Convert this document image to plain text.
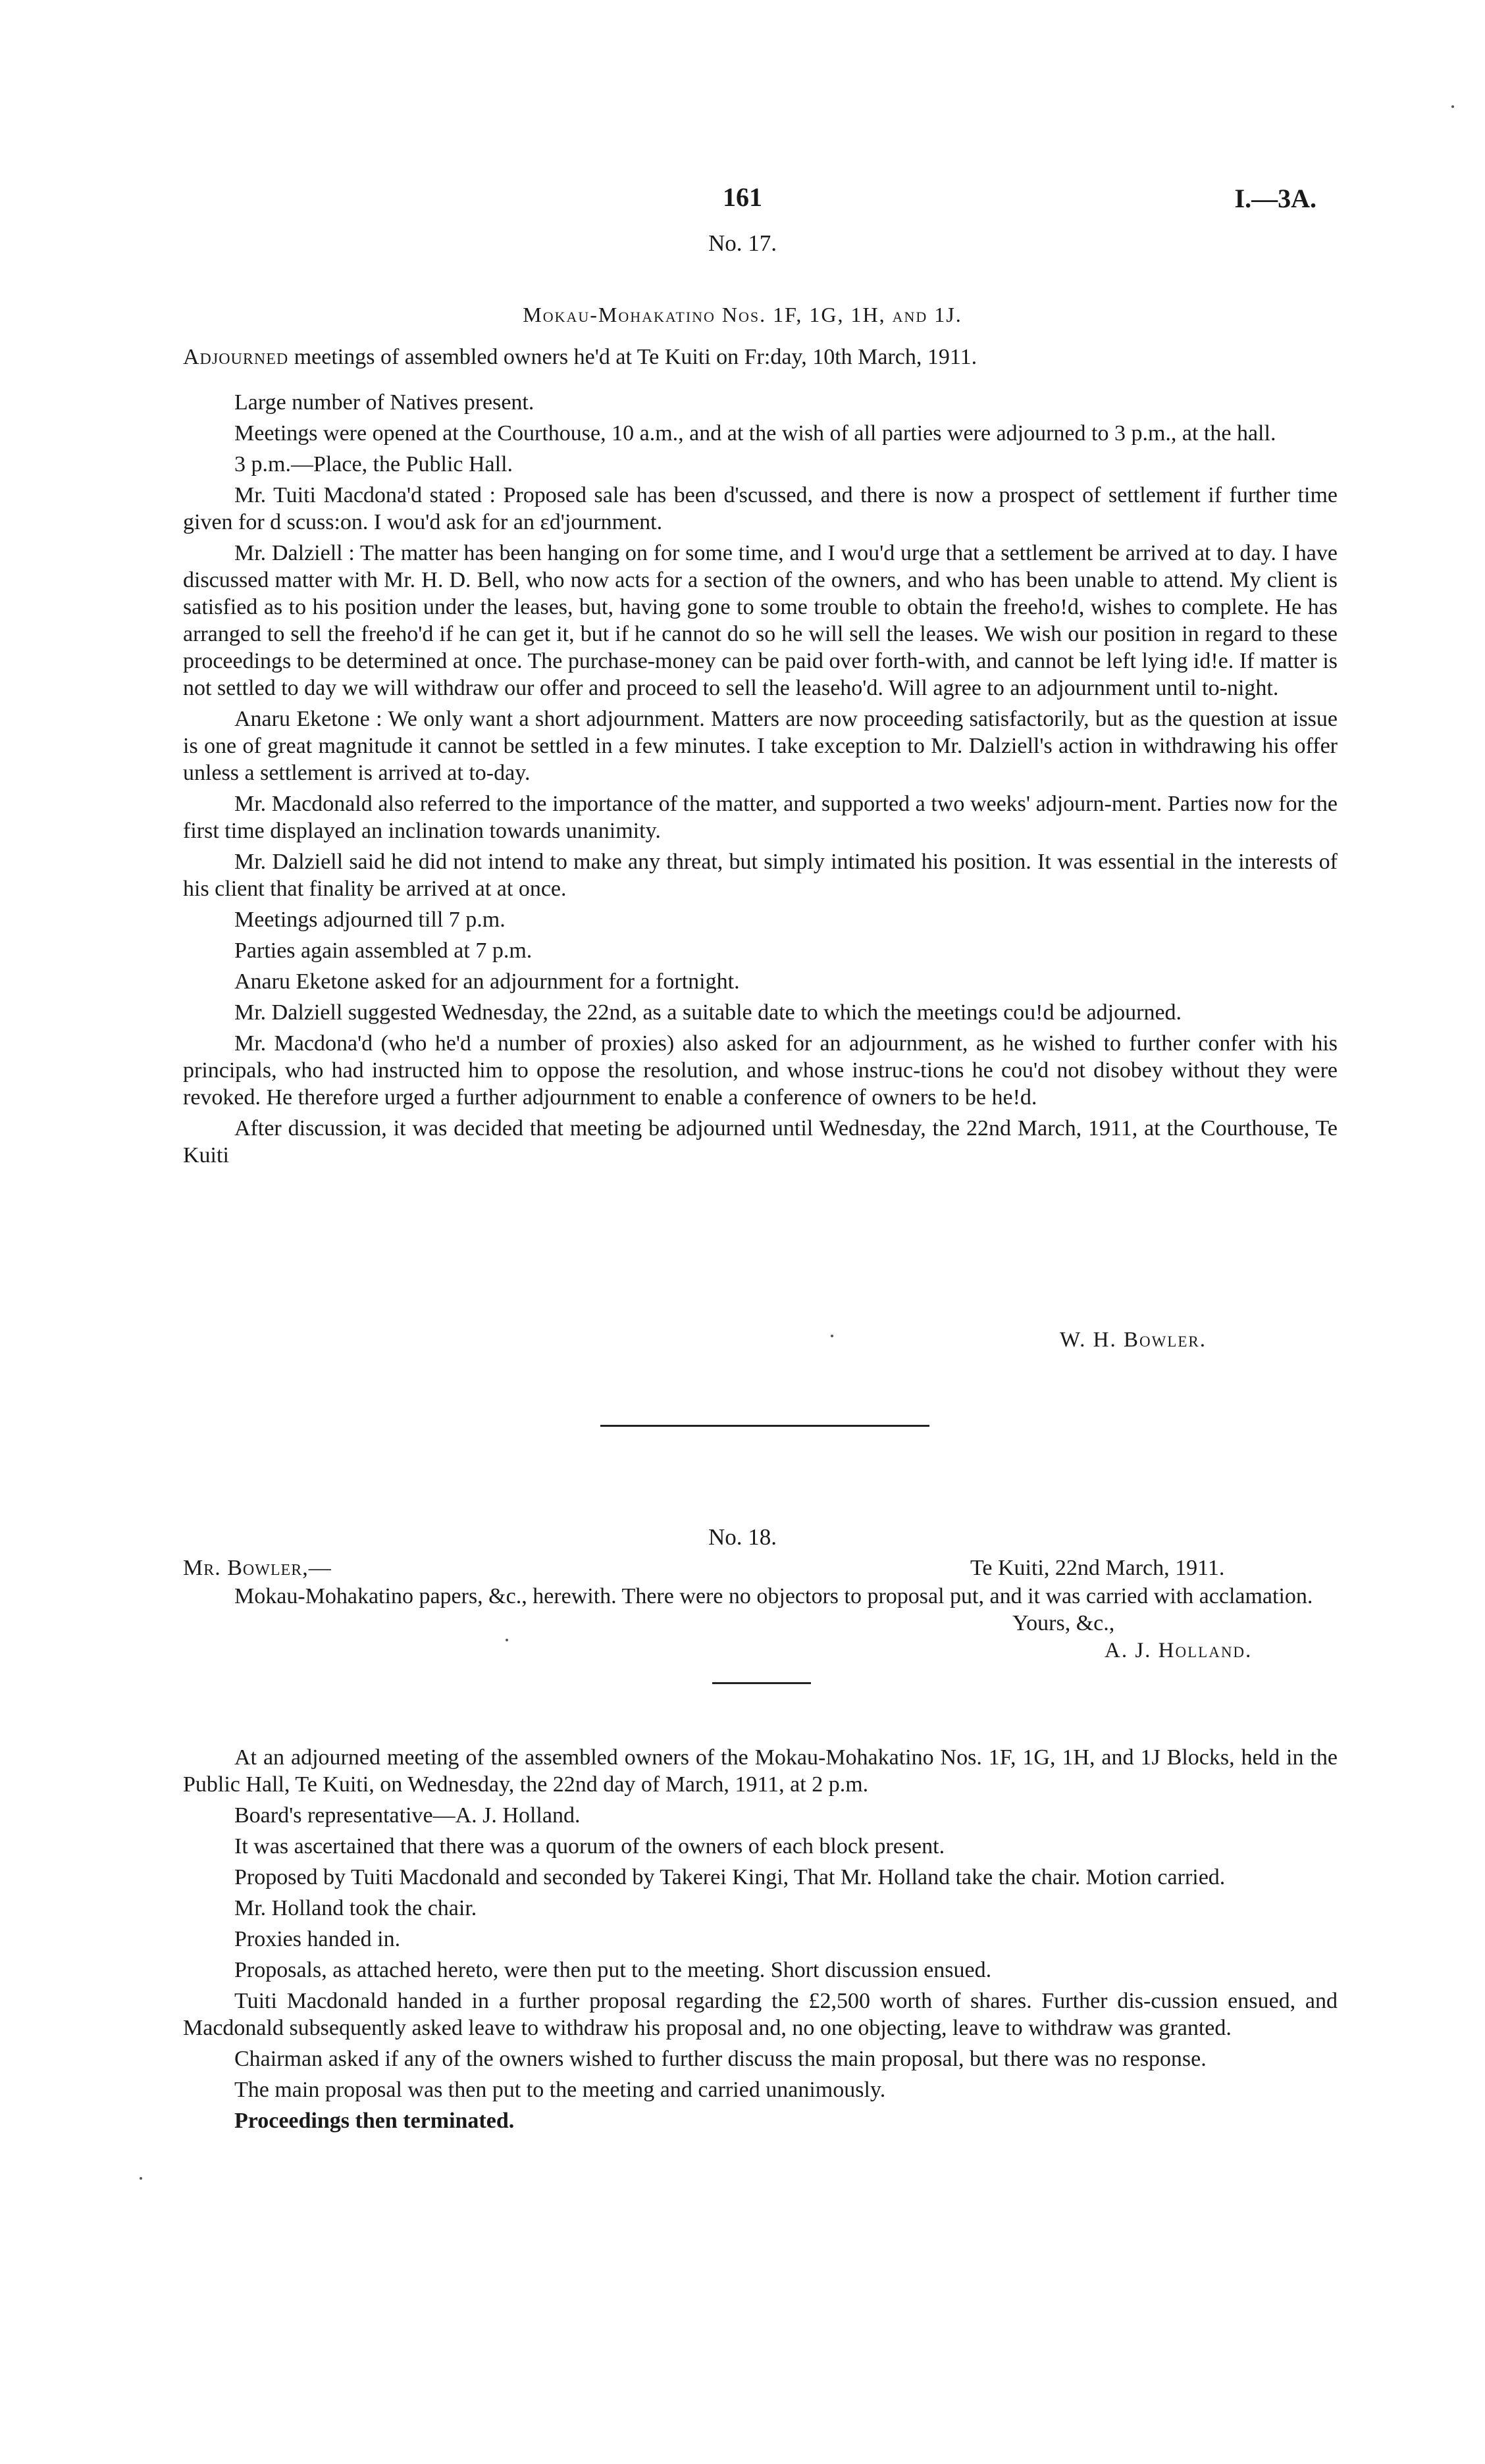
161	I.—3A.
No. 17.
Mokau-Mohakatino Nos. 1F, 1G, 1H, and 1J.

Adjourned meetings of assembled owners he'd at Te Kuiti on Fr:day, 10th March, 1911.

Large number of Natives present.

Meetings were opened at the Courthouse, 10 a.m., and at the wish of all parties were adjourned to 3 p.m., at the hall.

3 p.m.—Place, the Public Hall.

Mr. Tuiti Macdona'd stated : Proposed sale has been d'scussed, and there is now a prospect of settlement if further time given for d scuss:on. I wou'd ask for an εd'journment.

Mr. Dalziell : The matter has been hanging on for some time, and I wou'd urge that a settlement be arrived at to day. I have discussed matter with Mr. H. D. Bell, who now acts for a section of the owners, and who has been unable to attend. My client is satisfied as to his position under the leases, but, having gone to some trouble to obtain the freeho!d, wishes to complete. He has arranged to sell the freeho'd if he can get it, but if he cannot do so he will sell the leases. We wish our position in regard to these proceedings to be determined at once. The purchase-money can be paid over forth-with, and cannot be left lying id!e. If matter is not settled to day we will withdraw our offer and proceed to sell the leaseho'd. Will agree to an adjournment until to-night.

Anaru Eketone : We only want a short adjournment. Matters are now proceeding satisfactorily, but as the question at issue is one of great magnitude it cannot be settled in a few minutes. I take exception to Mr. Dalziell's action in withdrawing his offer unless a settlement is arrived at to-day.

Mr. Macdonald also referred to the importance of the matter, and supported a two weeks' adjourn-ment. Parties now for the first time displayed an inclination towards unanimity.

Mr. Dalziell said he did not intend to make any threat, but simply intimated his position. It was essential in the interests of his client that finality be arrived at at once.

Meetings adjourned till 7 p.m.

Parties again assembled at 7 p.m.

Anaru Eketone asked for an adjournment for a fortnight.

Mr. Dalziell suggested Wednesday, the 22nd, as a suitable date to which the meetings cou!d be adjourned.

Mr. Macdona'd (who he'd a number of proxies) also asked for an adjournment, as he wished to further confer with his principals, who had instructed him to oppose the resolution, and whose instruc-tions he cou'd not disobey without they were revoked. He therefore urged a further adjournment to enable a conference of owners to be he!d.

After discussion, it was decided that meeting be adjourned until Wednesday, the 22nd March, 1911, at the Courthouse, Te Kuiti

W. H. Bowler.
No. 18.
Mr. Bowler,—	Te Kuiti, 22nd March, 1911.

Mokau-Mohakatino papers, &c., herewith. There were no objectors to proposal put, and it was carried with acclamation.

Yours, &c.,
A. J. Holland.

At an adjourned meeting of the assembled owners of the Mokau-Mohakatino Nos. 1F, 1G, 1H, and 1J Blocks, held in the Public Hall, Te Kuiti, on Wednesday, the 22nd day of March, 1911, at 2 p.m.

Board's representative—A. J. Holland.

It was ascertained that there was a quorum of the owners of each block present.

Proposed by Tuiti Macdonald and seconded by Takerei Kingi, That Mr. Holland take the chair. Motion carried.

Mr. Holland took the chair.

Proxies handed in.

Proposals, as attached hereto, were then put to the meeting. Short discussion ensued.

Tuiti Macdonald handed in a further proposal regarding the £2,500 worth of shares. Further dis-cussion ensued, and Macdonald subsequently asked leave to withdraw his proposal and, no one objecting, leave to withdraw was granted.

Chairman asked if any of the owners wished to further discuss the main proposal, but there was no response.

The main proposal was then put to the meeting and carried unanimously.

Proceedings then terminated.
